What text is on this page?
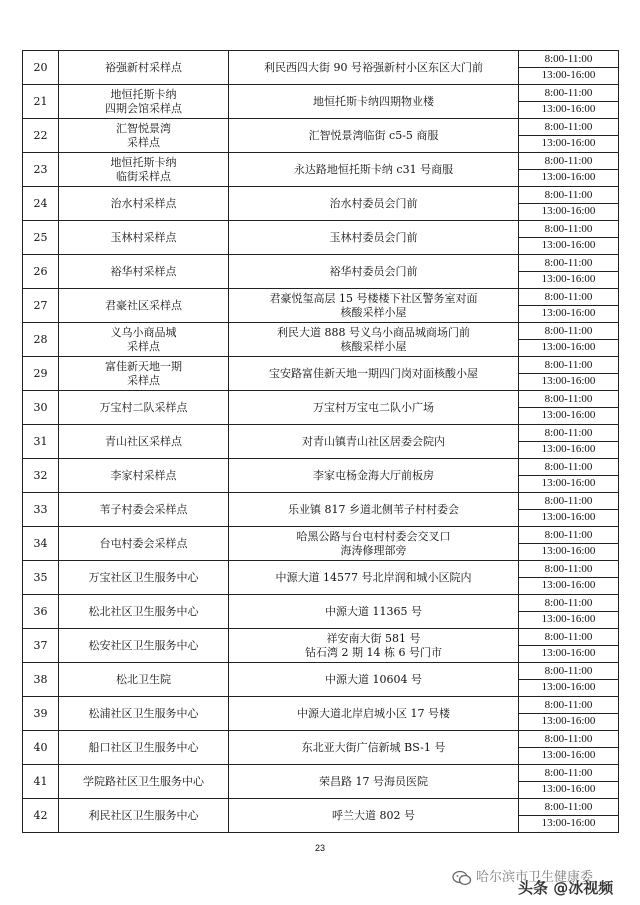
20	裕强新村采样点	利民西四大街 90 号裕强新村小区东区大门前	8:00-11:00
13:00-16:00

21	地恒托斯卡纳
四期会馆采样点	地恒托斯卡纳四期物业楼	8:00-11:00
13:00-16:00

22	汇智悦景湾
采样点	汇智悦景湾临街 c5-5 商服	8:00-11:00
13:00-16:00

23	地恒托斯卡纳
临街采样点	永达路地恒托斯卡纳 c31 号商服	8:00-11:00
13:00-16:00

24	治水村采样点	治水村委员会门前	8:00-11:00
13:00-16:00

25	玉林村采样点	玉林村委员会门前	8:00-11:00
13:00-16:00

26	裕华村采样点	裕华村委员会门前	8:00-11:00
13:00-16:00

27	君豪社区采样点	君豪悦玺高层 15 号楼楼下社区警务室对面
核酸采样小屋	8:00-11:00
13:00-16:00

28	义乌小商品城
采样点	利民大道 888 号义乌小商品城商场门前
核酸采样小屋	8:00-11:00
13:00-16:00

29	富佳新天地一期
采样点	宝安路富佳新天地一期四门岗对面核酸小屋	8:00-11:00
13:00-16:00

30	万宝村二队采样点	万宝村万宝屯二队小广场	8:00-11:00
13:00-16:00

31	青山社区采样点	对青山镇青山社区居委会院内	8:00-11:00
13:00-16:00

32	李家村采样点	李家屯杨金海大厅前板房	8:00-11:00
13:00-16:00

33	苇子村委会采样点	乐业镇 817 乡道北侧苇子村村委会	8:00-11:00
13:00-16:00

34	台屯村委会采样点	哈黑公路与台屯村村委会交叉口
海涛修理部旁	8:00-11:00
13:00-16:00

35	万宝社区卫生服务中心	中源大道 14577 号北岸润和城小区院内	8:00-11:00
13:00-16:00

36	松北社区卫生服务中心	中源大道 11365 号	8:00-11:00
13:00-16:00

37	松安社区卫生服务中心	祥安南大街 581 号
钻石湾 2 期 14 栋 6 号门市	8:00-11:00
13:00-16:00

38	松北卫生院	中源大道 10604 号	8:00-11:00
13:00-16:00

39	松浦社区卫生服务中心	中源大道北岸启城小区 17 号楼	8:00-11:00
13:00-16:00

40	船口社区卫生服务中心	东北亚大街广信新城 BS-1 号	8:00-11:00
13:00-16:00

41	学院路社区卫生服务中心	荣昌路 17 号海员医院	8:00-11:00
13:00-16:00

42	利民社区卫生服务中心	呼兰大道 802 号	8:00-11:00
13:00-16:00
23
哈尔滨市卫生健康委
头条 @冰视频
